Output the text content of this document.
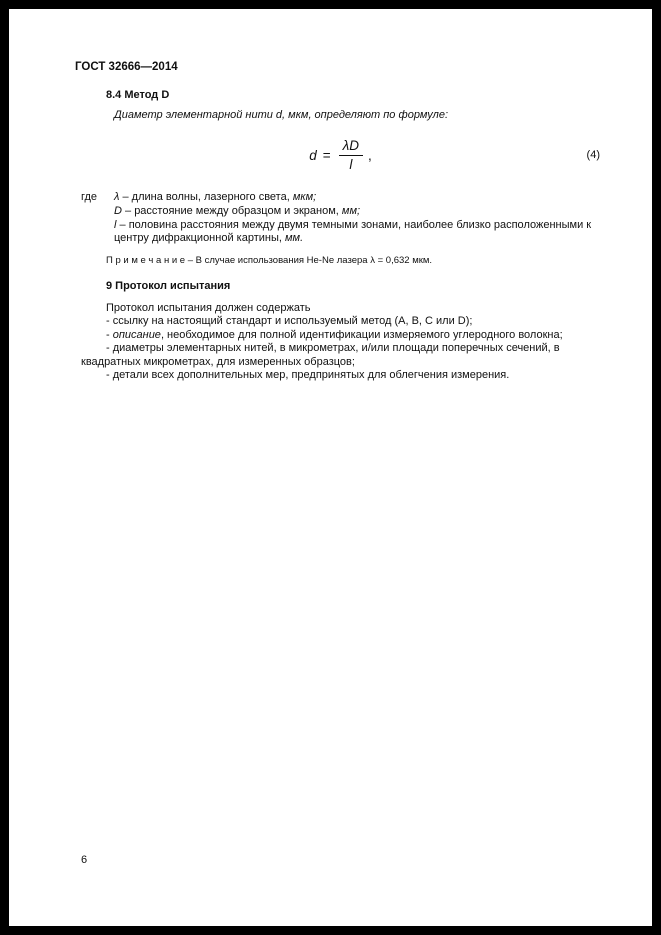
ГОСТ 32666—2014
8.4 Метод D
Диаметр элементарной нити d, мкм, определяют по формуле:
$d = \frac{\lambda D}{l}$ ,	(4)
где	λ – длина волны, лазерного света, мкм;
D – расстояние между образцом и экраном, мм;
l – половина расстояния между двумя темными зонами, наиболее близко расположенными к центру дифракционной картины, мм.
П р и м е ч а н и е – В случае использования He-Ne лазера λ = 0,632 мкм.
9 Протокол испытания

Протокол испытания должен содержать

- ссылку на настоящий стандарт и используемый метод (A, B, C или D);

- описание, необходимое для полной идентификации измеряемого углеродного волокна;

- диаметры элементарных нитей, в микрометрах, и/или площади поперечных сечений, в квадратных микрометрах, для измеренных образцов;

- детали всех дополнительных мер, предпринятых для облегчения измерения.

6
